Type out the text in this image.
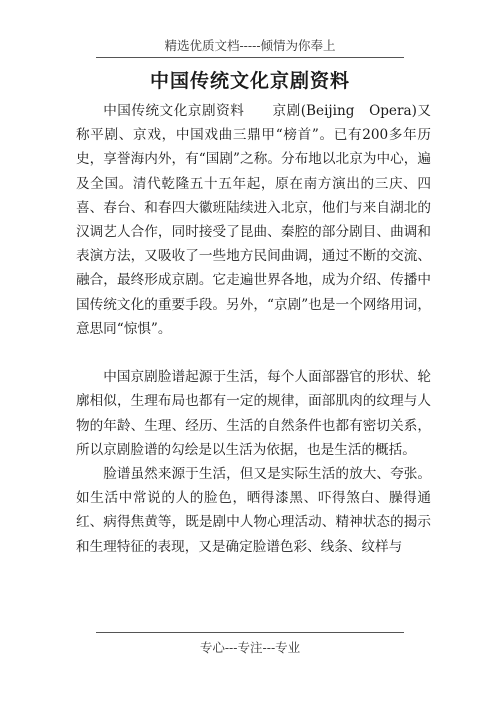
精选优质文档-----倾情为你奉上
中国传统文化京剧资料

中国传统文化京剧资料　　京剧(Beijing　Opera)又称平剧、京戏，中国戏曲三鼎甲“榜首”。已有200多年历史，享誉海内外，有“国剧”之称。分布地以北京为中心，遍及全国。清代乾隆五十五年起，原在南方演出的三庆、四喜、春台、和春四大徽班陆续进入北京，他们与来自湖北的汉调艺人合作，同时接受了昆曲、秦腔的部分剧目、曲调和表演方法，又吸收了一些地方民间曲调，通过不断的交流、融合，最终形成京剧。它走遍世界各地，成为介绍、传播中国传统文化的重要手段。另外，“京剧”也是一个网络用词，意思同“惊惧”。

中国京剧脸谱起源于生活，每个人面部器官的形状、轮廓相似，生理布局也都有一定的规律，面部肌肉的纹理与人物的年龄、生理、经历、生活的自然条件也都有密切关系，所以京剧脸谱的勾绘是以生活为依据，也是生活的概括。

脸谱虽然来源于生活，但又是实际生活的放大、夸张。如生活中常说的人的脸色，晒得漆黑、吓得煞白、臊得通红、病得焦黄等，既是剧中人物心理活动、精神状态的揭示和生理特征的表现，又是确定脸谱色彩、线条、纹样与

专心---专注---专业
